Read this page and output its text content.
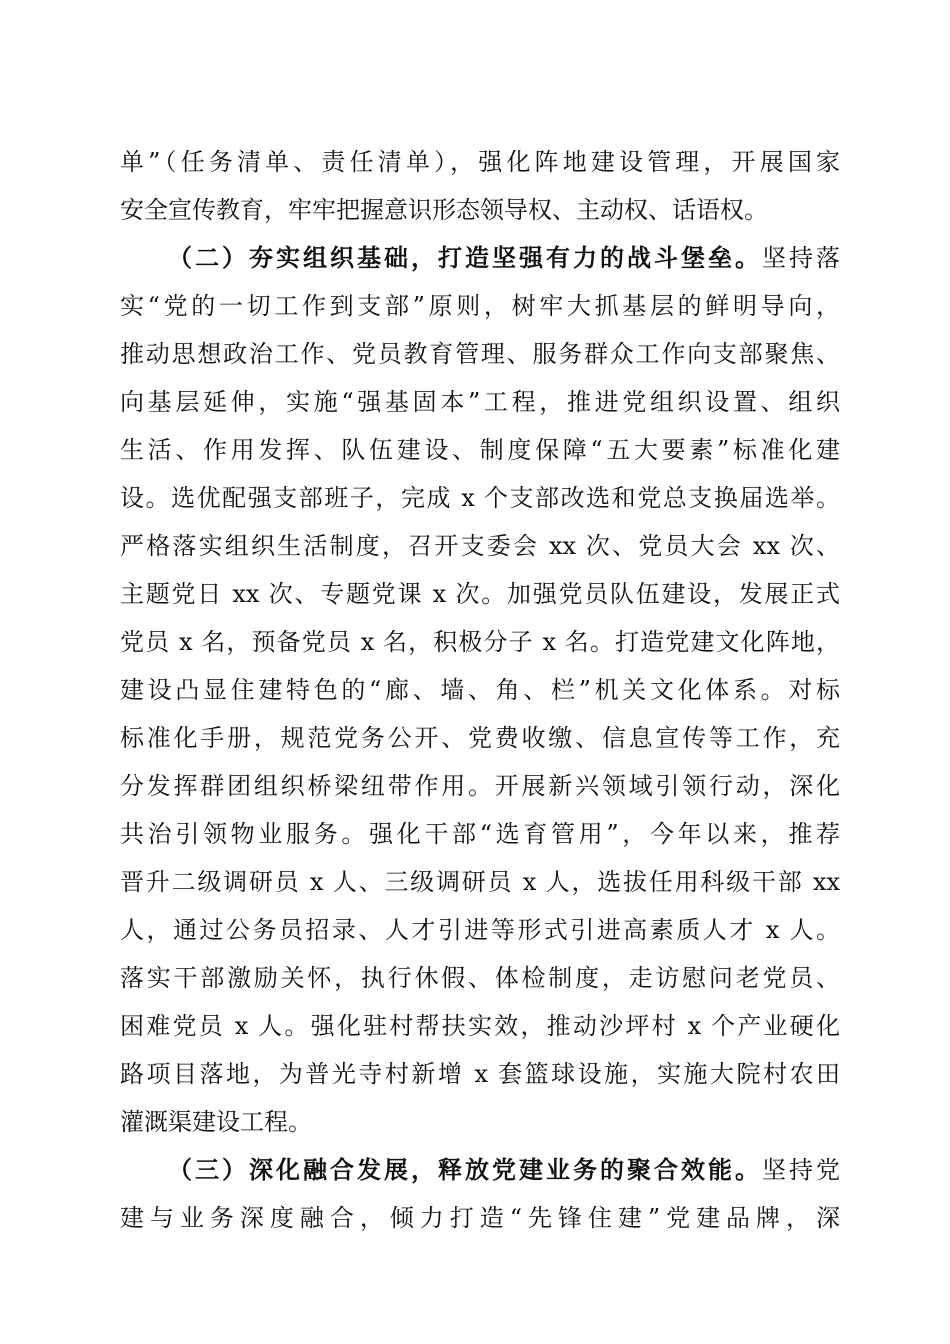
单”（任务清单、责任清单），强化阵地建设管理，开展国家
安全宣传教育，牢牢把握意识形态领导权、主动权、话语权。
（二）夯实组织基础，打造坚强有力的战斗堡垒。坚持落
实“党的一切工作到支部”原则，树牢大抓基层的鲜明导向，
推动思想政治工作、党员教育管理、服务群众工作向支部聚焦、
向基层延伸，实施“强基固本”工程，推进党组织设置、组织
生活、作用发挥、队伍建设、制度保障“五大要素”标准化建
设。选优配强支部班子，完成 x 个支部改选和党总支换届选举。
严格落实组织生活制度，召开支委会 xx 次、党员大会 xx 次、
主题党日 xx 次、专题党课 x 次。加强党员队伍建设，发展正式
党员 x 名，预备党员 x 名，积极分子 x 名。打造党建文化阵地，
建设凸显住建特色的“廊、墙、角、栏”机关文化体系。对标
标准化手册，规范党务公开、党费收缴、信息宣传等工作，充
分发挥群团组织桥梁纽带作用。开展新兴领域引领行动，深化
共治引领物业服务。强化干部“选育管用”，今年以来，推荐
晋升二级调研员 x 人、三级调研员 x 人，选拔任用科级干部 xx
人，通过公务员招录、人才引进等形式引进高素质人才 x 人。
落实干部激励关怀，执行休假、体检制度，走访慰问老党员、
困难党员 x 人。强化驻村帮扶实效，推动沙坪村 x 个产业硬化
路项目落地，为普光寺村新增 x 套篮球设施，实施大院村农田
灌溉渠建设工程。
（三）深化融合发展，释放党建业务的聚合效能。坚持党
建与业务深度融合，倾力打造“先锋住建”党建品牌，深
